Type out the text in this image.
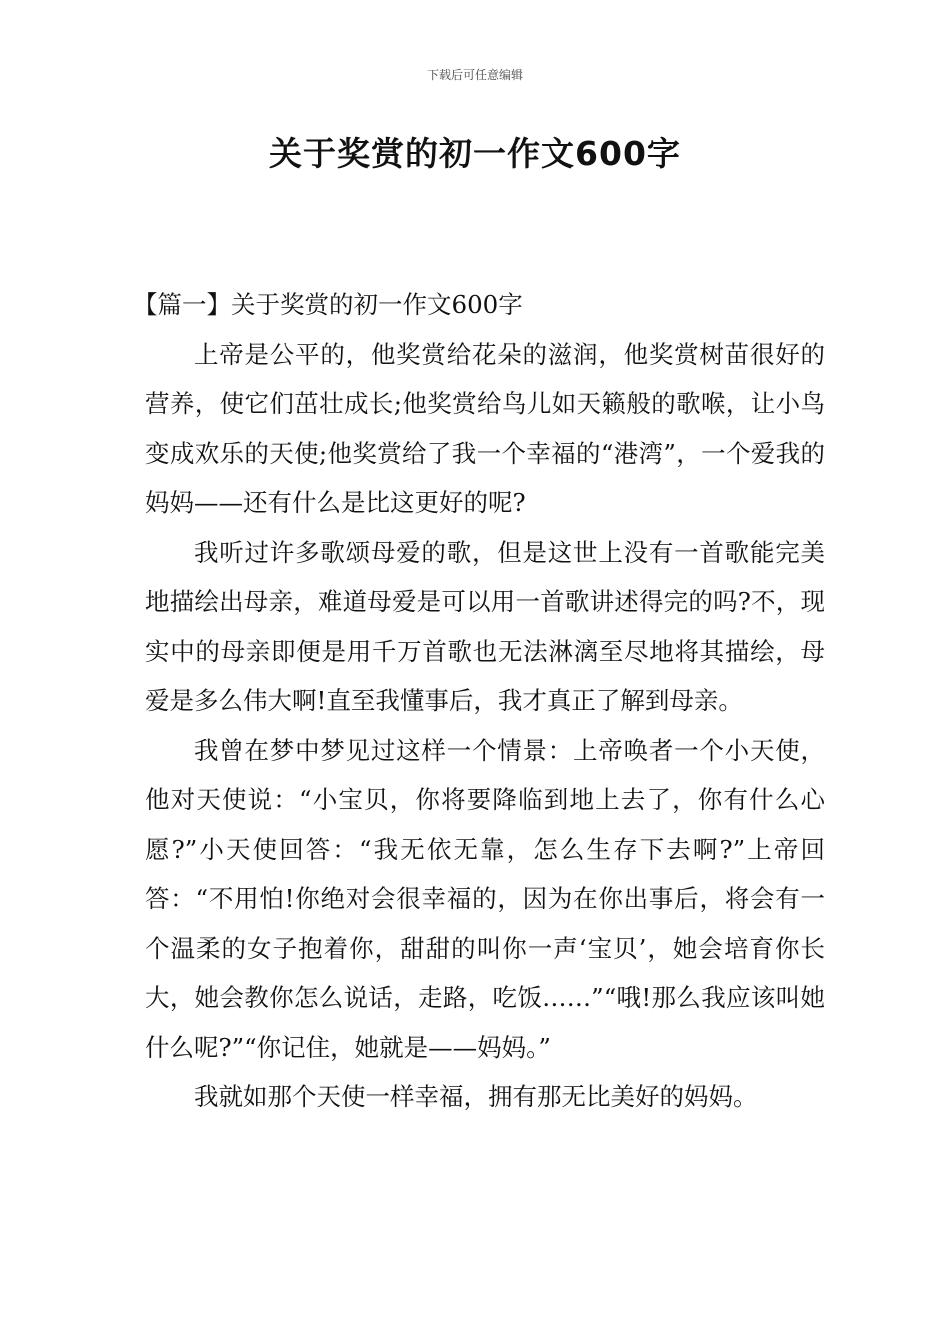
下载后可任意编辑
关于奖赏的初一作文600字

【篇一】关于奖赏的初一作文600字

上帝是公平的，他奖赏给花朵的滋润，他奖赏树苗很好的营养，使它们茁壮成长;他奖赏给鸟儿如天籁般的歌喉，让小鸟变成欢乐的天使;他奖赏给了我一个幸福的“港湾”，一个爱我的妈妈——还有什么是比这更好的呢?

我听过许多歌颂母爱的歌，但是这世上没有一首歌能完美地描绘出母亲，难道母爱是可以用一首歌讲述得完的吗?不，现实中的母亲即便是用千万首歌也无法淋漓至尽地将其描绘，母爱是多么伟大啊!直至我懂事后，我才真正了解到母亲。

我曾在梦中梦见过这样一个情景：上帝唤者一个小天使，他对天使说：“小宝贝，你将要降临到地上去了，你有什么心愿?”小天使回答：“我无依无靠，怎么生存下去啊?”上帝回答：“不用怕!你绝对会很幸福的，因为在你出事后，将会有一个温柔的女子抱着你，甜甜的叫你一声‘宝贝’，她会培育你长大，她会教你怎么说话，走路，吃饭……”“哦!那么我应该叫她什么呢?”“你记住，她就是——妈妈。”

我就如那个天使一样幸福，拥有那无比美好的妈妈。
